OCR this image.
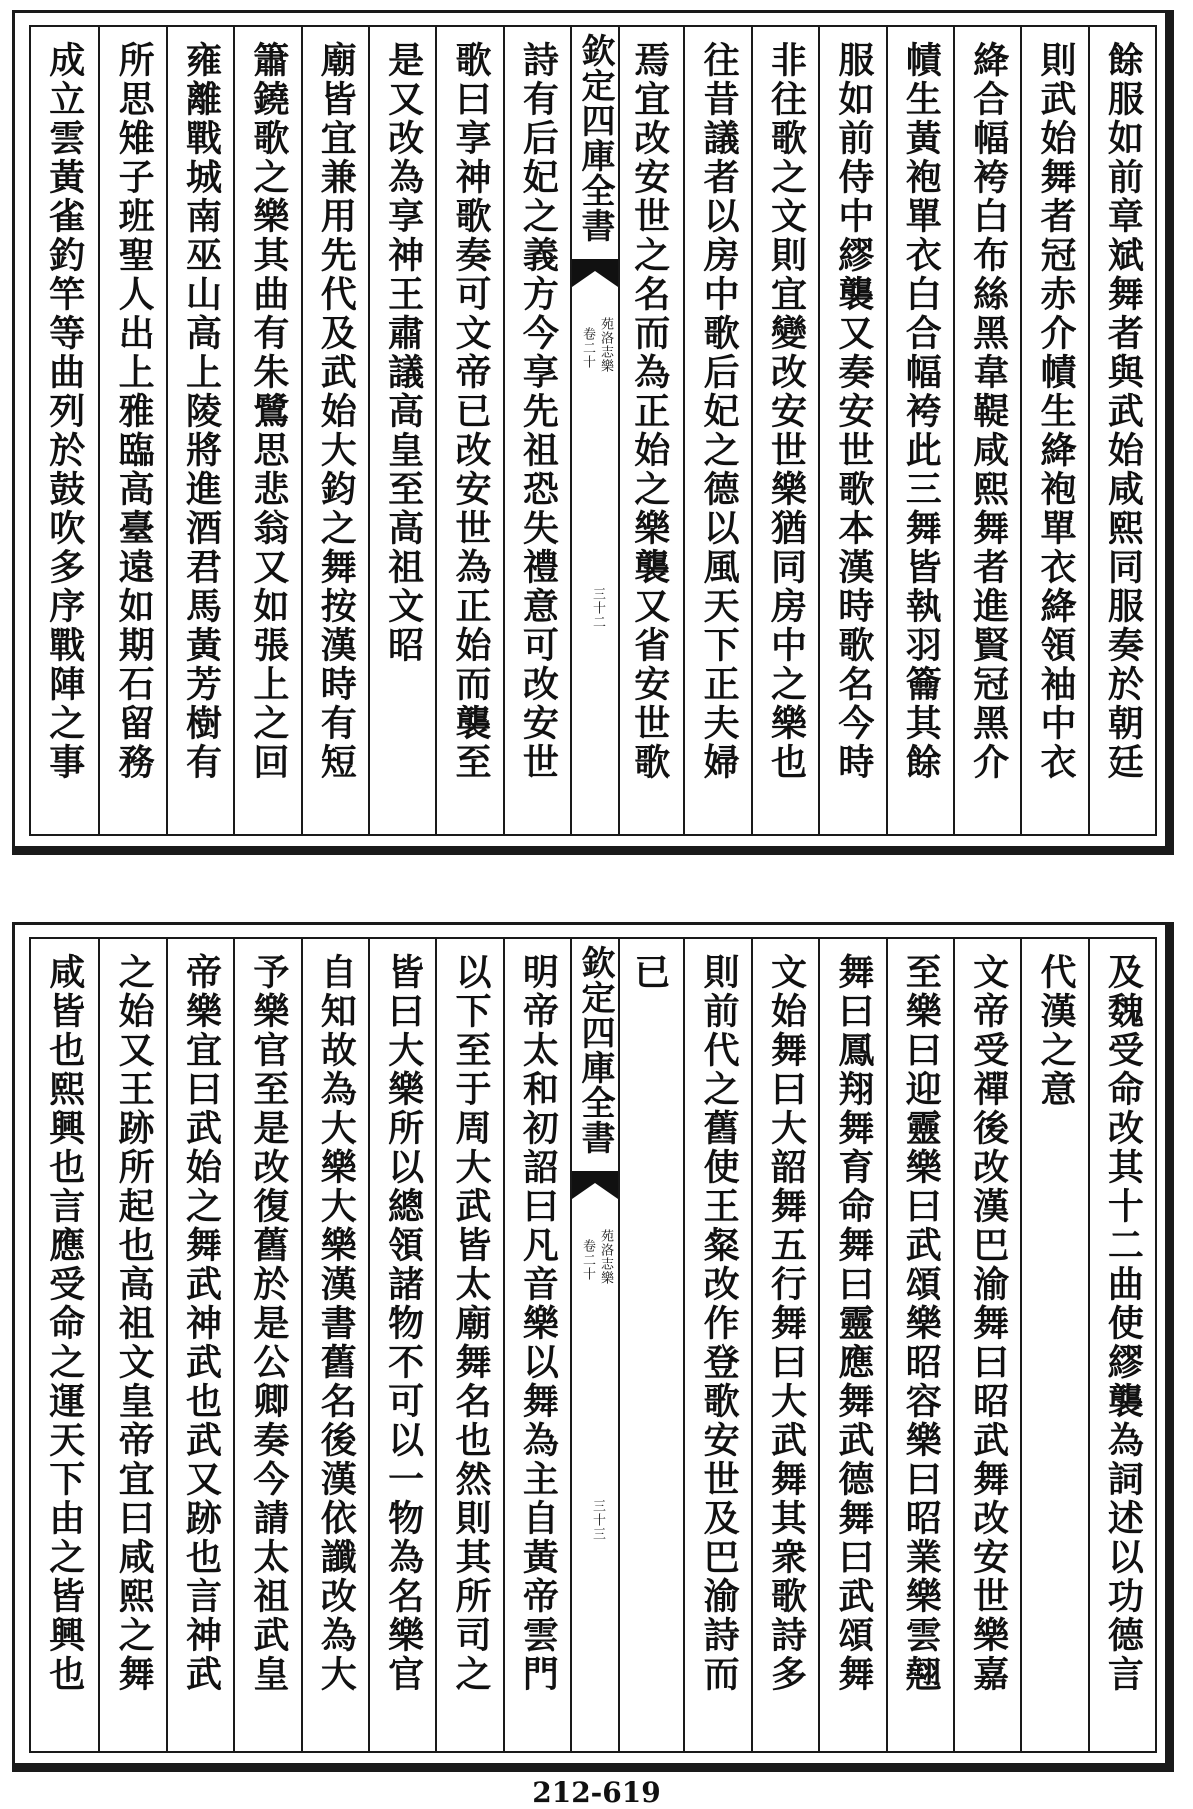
餘服如前章斌舞者與武始咸熙同服奏於朝廷
則武始舞者冠赤介幘生絳袍單衣絳領袖中衣
絳合幅袴白布絲黑韋鞮咸熙舞者進賢冠黑介
幘生黃袍單衣白合幅袴此三舞皆執羽籥其餘
服如前侍中繆襲又奏安世歌本漢時歌名今時
非往歌之文則宜變改安世樂猶同房中之樂也
往昔議者以房中歌后妃之德以風天下正夫婦
焉宜改安世之名而為正始之樂襲又省安世歌
欽定四庫全書
苑洛志樂
卷二十
三十二
詩有后妃之義方今享先祖恐失禮意可改安世
歌曰享神歌奏可文帝已改安世為正始而襲至
是又改為享神王肅議高皇至高祖文昭
廟皆宜兼用先代及武始大鈞之舞按漢時有短
簫鐃歌之樂其曲有朱鷺思悲翁又如張上之回
雍離戰城南巫山高上陵將進酒君馬黃芳樹有
所思雉子班聖人出上雅臨高臺遠如期石留務
成立雲黃雀釣竿等曲列於鼓吹多序戰陣之事
及魏受命改其十二曲使繆襲為詞述以功德言
代漢之意
文帝受禪後改漢巴渝舞曰昭武舞改安世樂嘉
至樂曰迎靈樂曰武頌樂昭容樂曰昭業樂雲翹
舞曰鳳翔舞育命舞曰靈應舞武德舞曰武頌舞
文始舞曰大韶舞五行舞曰大武舞其衆歌詩多
則前代之舊使王粲改作登歌安世及巴渝詩而
已
欽定四庫全書
苑洛志樂
卷二十
三十三
明帝太和初詔曰凡音樂以舞為主自黃帝雲門
以下至于周大武皆太廟舞名也然則其所司之
皆曰大樂所以總領諸物不可以一物為名樂官
自知故為大樂大樂漢書舊名後漢依讖改為大
予樂官至是改復舊於是公卿奏今請太祖武皇
帝樂宜曰武始之舞武神武也武又跡也言神武
之始又王跡所起也高祖文皇帝宜曰咸熙之舞
咸皆也熙興也言應受命之運天下由之皆興也
212-619
